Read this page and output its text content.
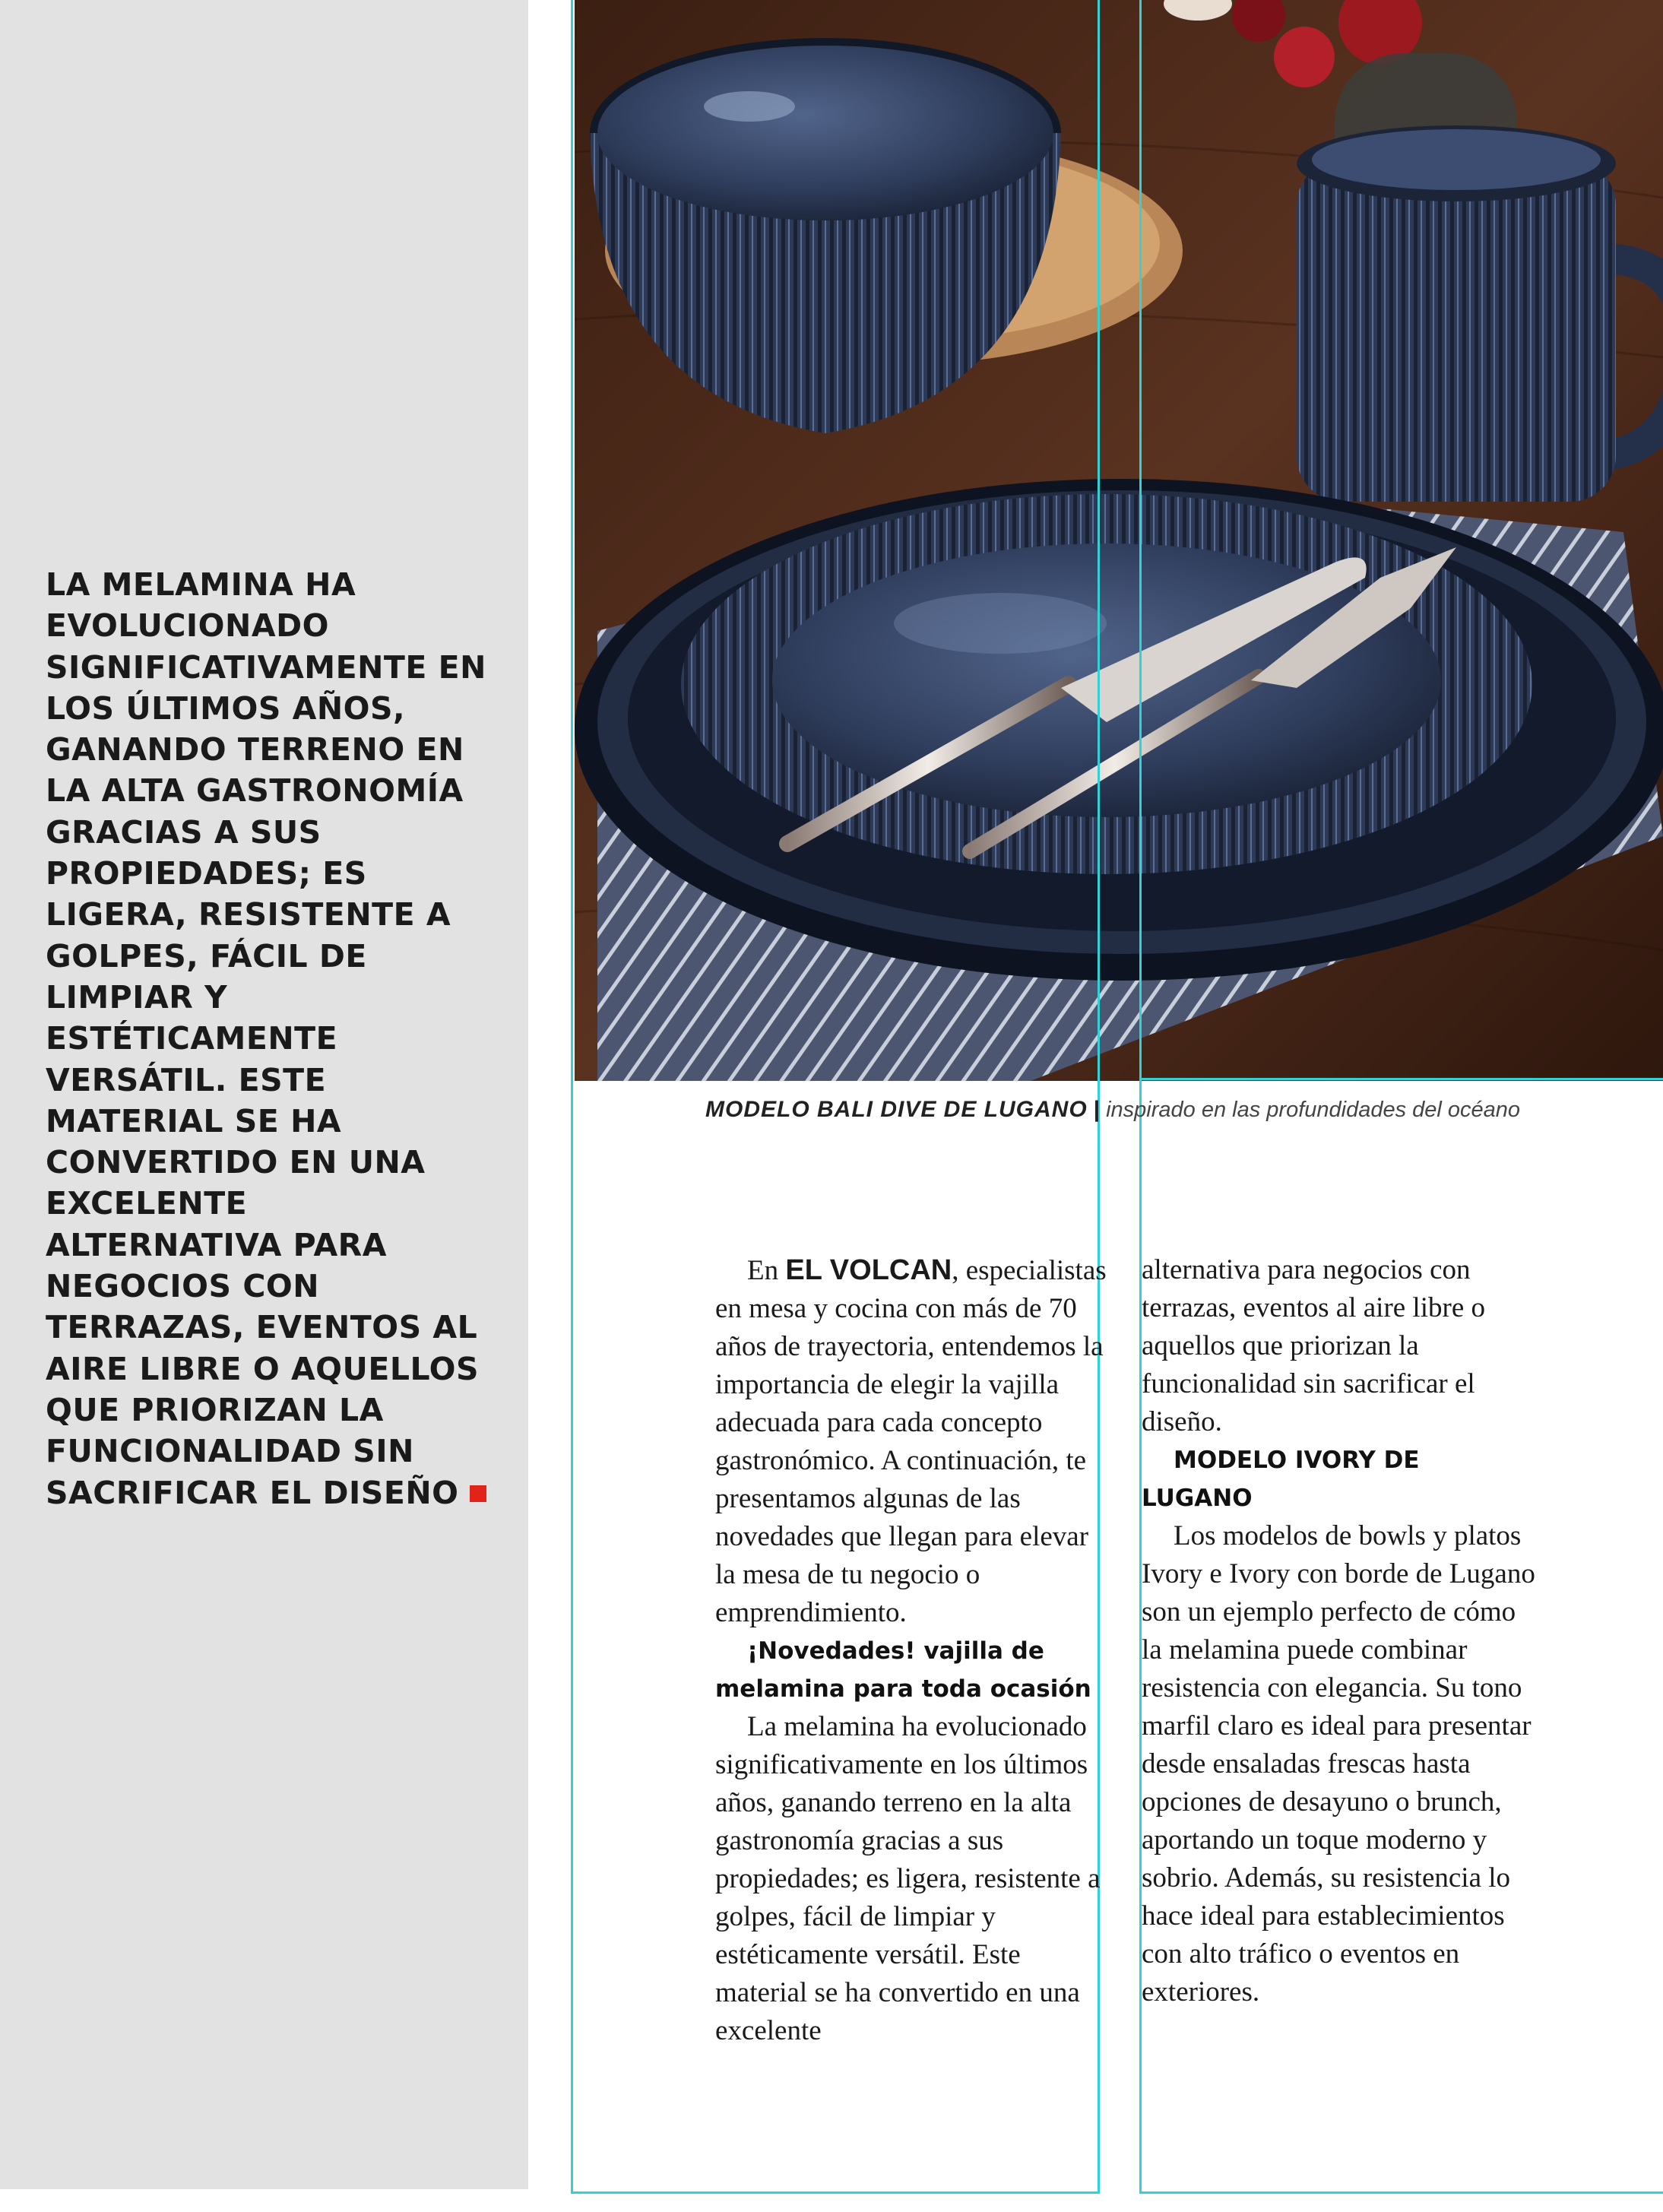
LA MELAMINA HA EVOLUCIONADO SIGNIFICATIVAMENTE EN LOS ÚLTIMOS AÑOS, GANANDO TERRENO EN LA ALTA GASTRONOMÍA GRACIAS A SUS PROPIEDADES; ES LIGERA, RESISTENTE A GOLPES, FÁCIL DE LIMPIAR Y ESTÉTICAMENTE VERSÁTIL. ESTE MATERIAL SE HA CONVERTIDO EN UNA EXCELENTE ALTERNATIVA PARA NEGOCIOS CON TERRAZAS, EVENTOS AL AIRE LIBRE O AQUELLOS QUE PRIORIZAN LA FUNCIONALIDAD SIN SACRIFICAR EL DISEÑO
MODELO BALI DIVE DE LUGANO | inspirado en las profundidades del océano

En EL VOLCAN, especialistas en mesa y cocina con más de 70 años de trayectoria, entendemos la importancia de elegir la vajilla adecuada para cada concepto gastronómico. A continuación, te presentamos algunas de las novedades que llegan para elevar la mesa de tu negocio o emprendimiento.

¡Novedades! vajilla de melamina para toda ocasión

La melamina ha evolucionado significativamente en los últimos años, ganando terreno en la alta gastronomía gracias a sus propiedades; es ligera, resistente a golpes, fácil de limpiar y estéticamente versátil. Este material se ha convertido en una excelente

alternativa para negocios con terrazas, eventos al aire libre o aquellos que priorizan la funcionalidad sin sacrificar el diseño.

MODELO IVORY DE LUGANO

Los modelos de bowls y platos Ivory e Ivory con borde de Lugano son un ejemplo perfecto de cómo la melamina puede combinar resistencia con elegancia. Su tono marfil claro es ideal para presentar desde ensaladas frescas hasta opciones de desayuno o brunch, aportando un toque moderno y sobrio. Además, su resistencia lo hace ideal para establecimientos con alto tráfico o eventos en exteriores.
